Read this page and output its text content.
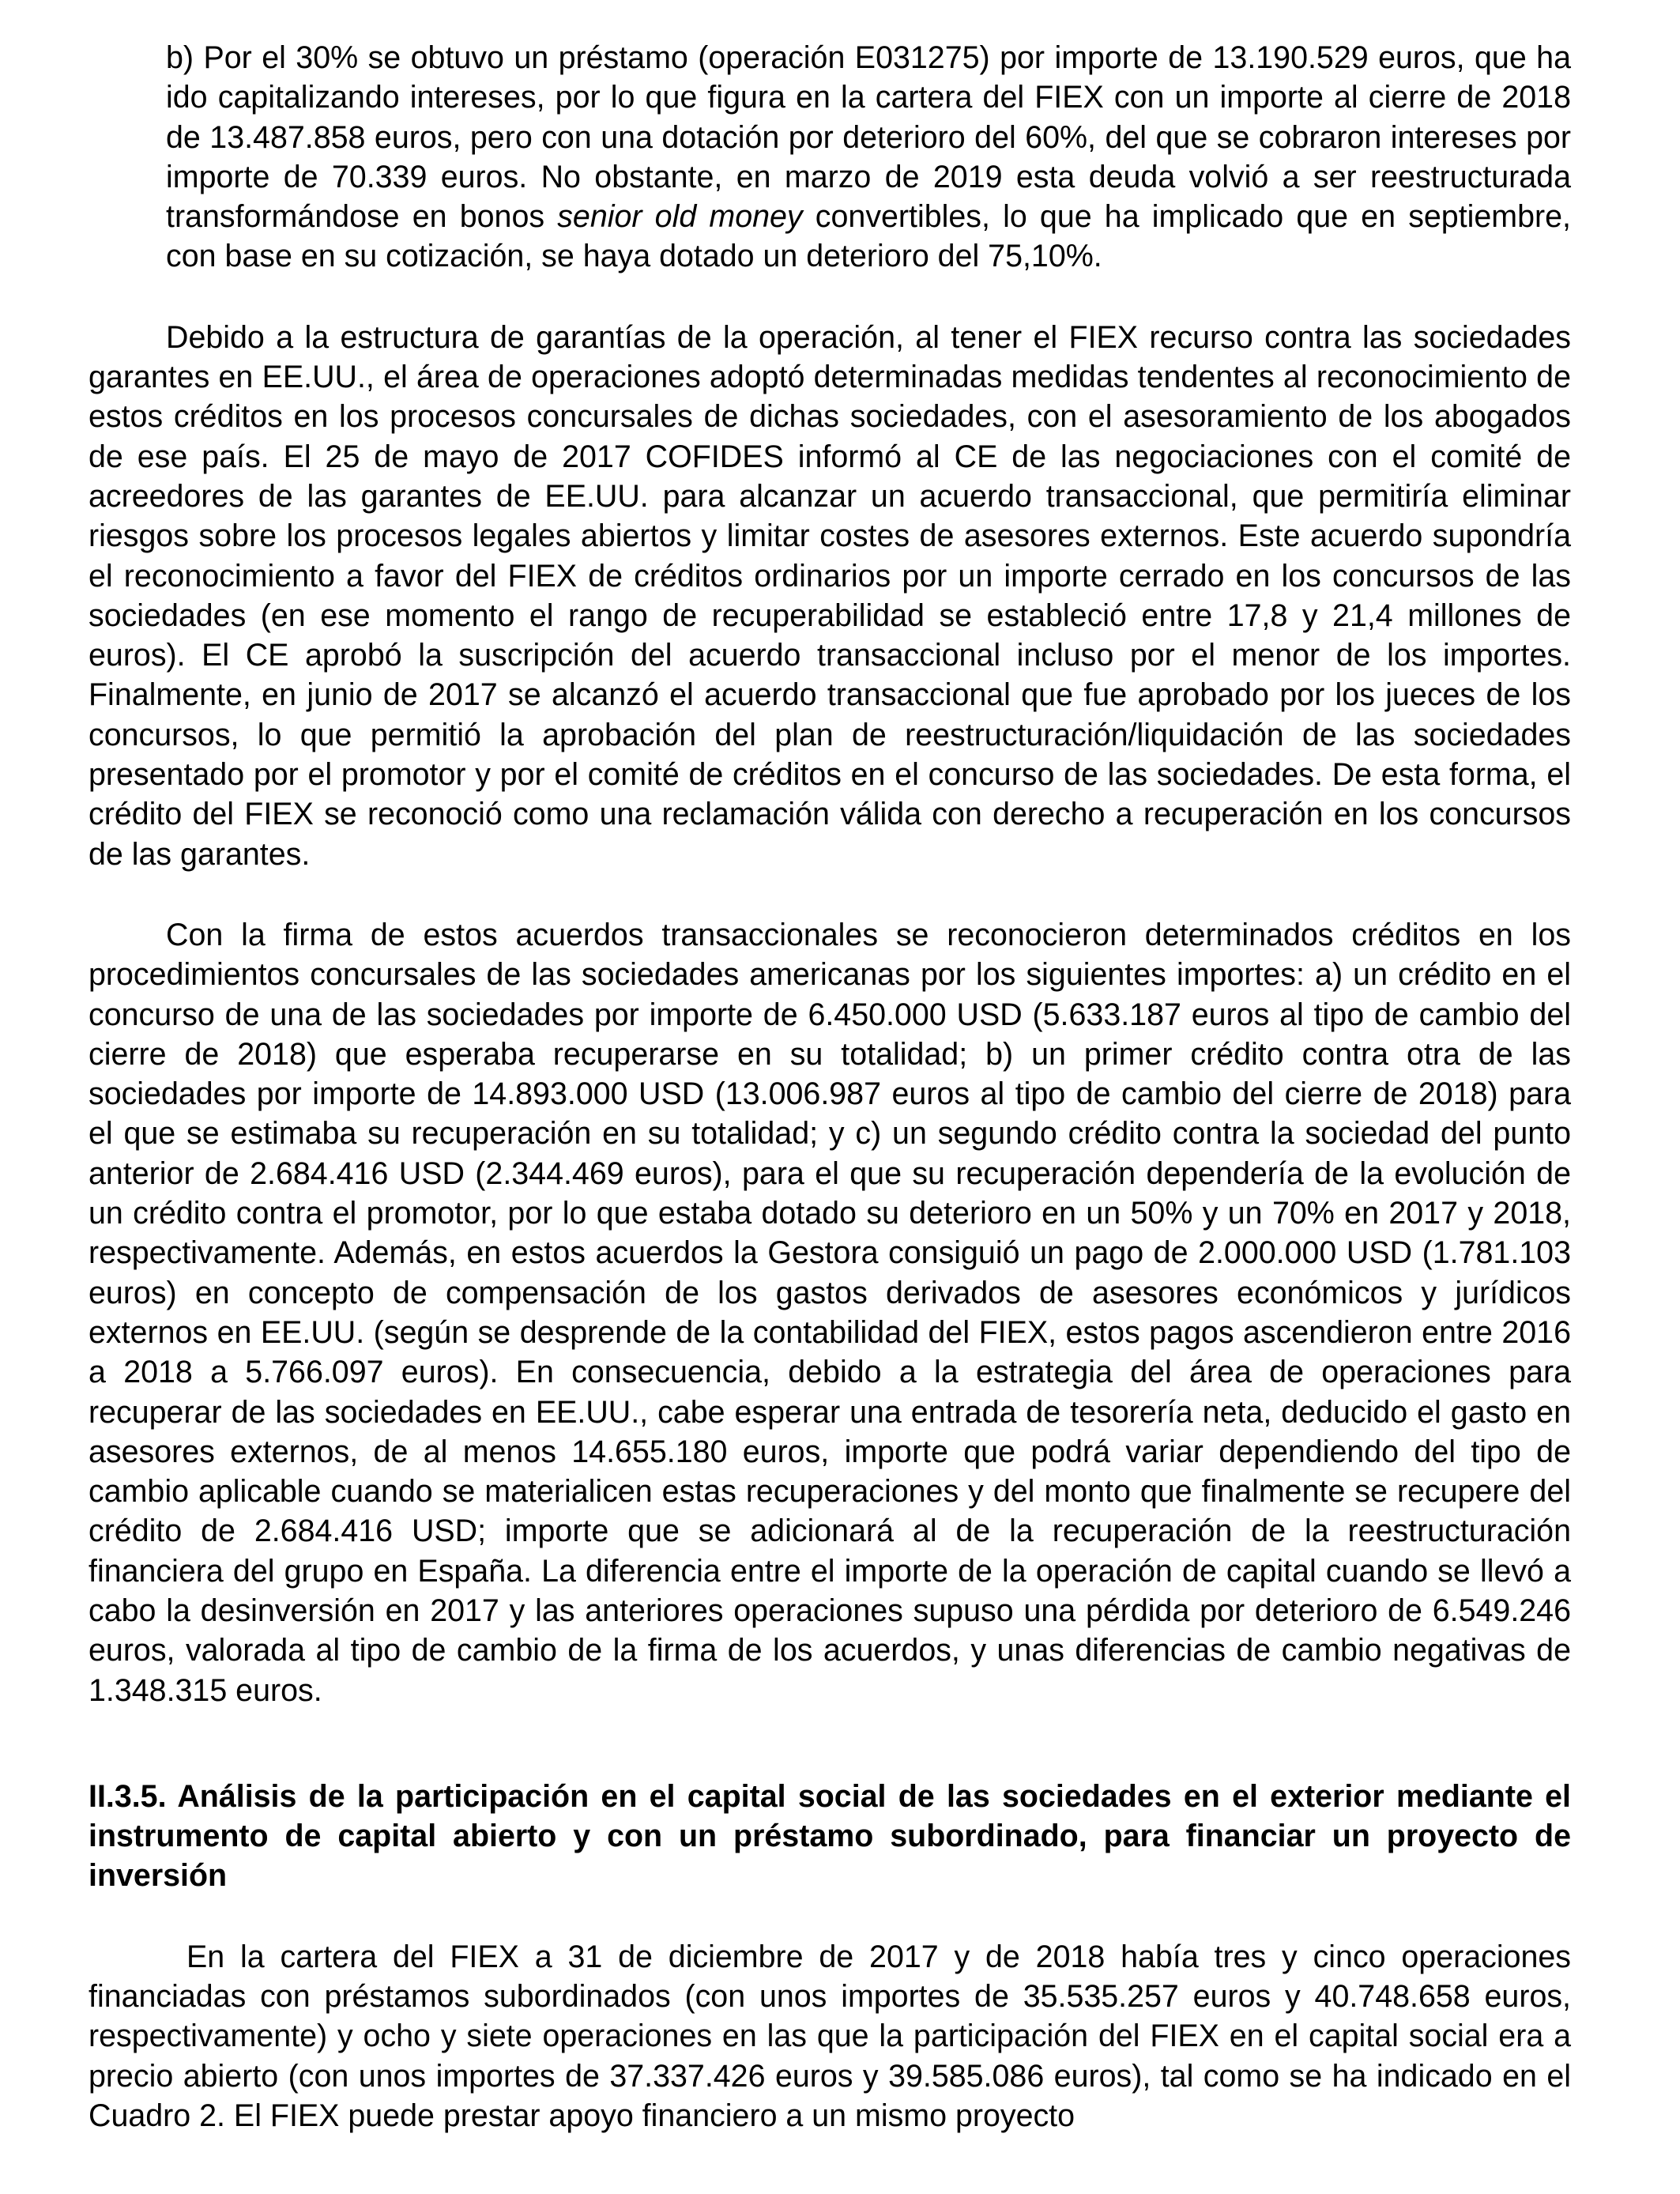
b) Por el 30% se obtuvo un préstamo (operación E031275) por importe de 13.190.529 euros, que ha ido capitalizando intereses, por lo que figura en la cartera del FIEX con un importe al cierre de 2018 de 13.487.858 euros, pero con una dotación por deterioro del 60%, del que se cobraron intereses por importe de 70.339 euros. No obstante, en marzo de 2019 esta deuda volvió a ser reestructurada transformándose en bonos senior old money convertibles, lo que ha implicado que en septiembre, con base en su cotización, se haya dotado un deterioro del 75,10%.

Debido a la estructura de garantías de la operación, al tener el FIEX recurso contra las sociedades garantes en EE.UU., el área de operaciones adoptó determinadas medidas tendentes al reconocimiento de estos créditos en los procesos concursales de dichas sociedades, con el asesoramiento de los abogados de ese país. El 25 de mayo de 2017 COFIDES informó al CE de las negociaciones con el comité de acreedores de las garantes de EE.UU. para alcanzar un acuerdo transaccional, que permitiría eliminar riesgos sobre los procesos legales abiertos y limitar costes de asesores externos. Este acuerdo supondría el reconocimiento a favor del FIEX de créditos ordinarios por un importe cerrado en los concursos de las sociedades (en ese momento el rango de recuperabilidad se estableció entre 17,8 y 21,4 millones de euros). El CE aprobó la suscripción del acuerdo transaccional incluso por el menor de los importes. Finalmente, en junio de 2017 se alcanzó el acuerdo transaccional que fue aprobado por los jueces de los concursos, lo que permitió la aprobación del plan de reestructuración/liquidación de las sociedades presentado por el promotor y por el comité de créditos en el concurso de las sociedades. De esta forma, el crédito del FIEX se reconoció como una reclamación válida con derecho a recuperación en los concursos de las garantes.

Con la firma de estos acuerdos transaccionales se reconocieron determinados créditos en los procedimientos concursales de las sociedades americanas por los siguientes importes: a) un crédito en el concurso de una de las sociedades por importe de 6.450.000 USD (5.633.187 euros al tipo de cambio del cierre de 2018) que esperaba recuperarse en su totalidad; b) un primer crédito contra otra de las sociedades por importe de 14.893.000 USD (13.006.987 euros al tipo de cambio del cierre de 2018) para el que se estimaba su recuperación en su totalidad; y c) un segundo crédito contra la sociedad del punto anterior de 2.684.416 USD (2.344.469 euros), para el que su recuperación dependería de la evolución de un crédito contra el promotor, por lo que estaba dotado su deterioro en un 50% y un 70% en 2017 y 2018, respectivamente. Además, en estos acuerdos la Gestora consiguió un pago de 2.000.000 USD (1.781.103 euros) en concepto de compensación de los gastos derivados de asesores económicos y jurídicos externos en EE.UU. (según se desprende de la contabilidad del FIEX, estos pagos ascendieron entre 2016 a 2018 a 5.766.097 euros). En consecuencia, debido a la estrategia del área de operaciones para recuperar de las sociedades en EE.UU., cabe esperar una entrada de tesorería neta, deducido el gasto en asesores externos, de al menos 14.655.180 euros, importe que podrá variar dependiendo del tipo de cambio aplicable cuando se materialicen estas recuperaciones y del monto que finalmente se recupere del crédito de 2.684.416 USD; importe que se adicionará al de la recuperación de la reestructuración financiera del grupo en España. La diferencia entre el importe de la operación de capital cuando se llevó a cabo la desinversión en 2017 y las anteriores operaciones supuso una pérdida por deterioro de 6.549.246 euros, valorada al tipo de cambio de la firma de los acuerdos, y unas diferencias de cambio negativas de 1.348.315 euros.

II.3.5. Análisis de la participación en el capital social de las sociedades en el exterior mediante el instrumento de capital abierto y con un préstamo subordinado, para financiar un proyecto de inversión

En la cartera del FIEX a 31 de diciembre de 2017 y de 2018 había tres y cinco operaciones financiadas con préstamos subordinados (con unos importes de 35.535.257 euros y 40.748.658 euros, respectivamente) y ocho y siete operaciones en las que la participación del FIEX en el capital social era a precio abierto (con unos importes de 37.337.426 euros y 39.585.086 euros), tal como se ha indicado en el Cuadro 2. El FIEX puede prestar apoyo financiero a un mismo proyecto
